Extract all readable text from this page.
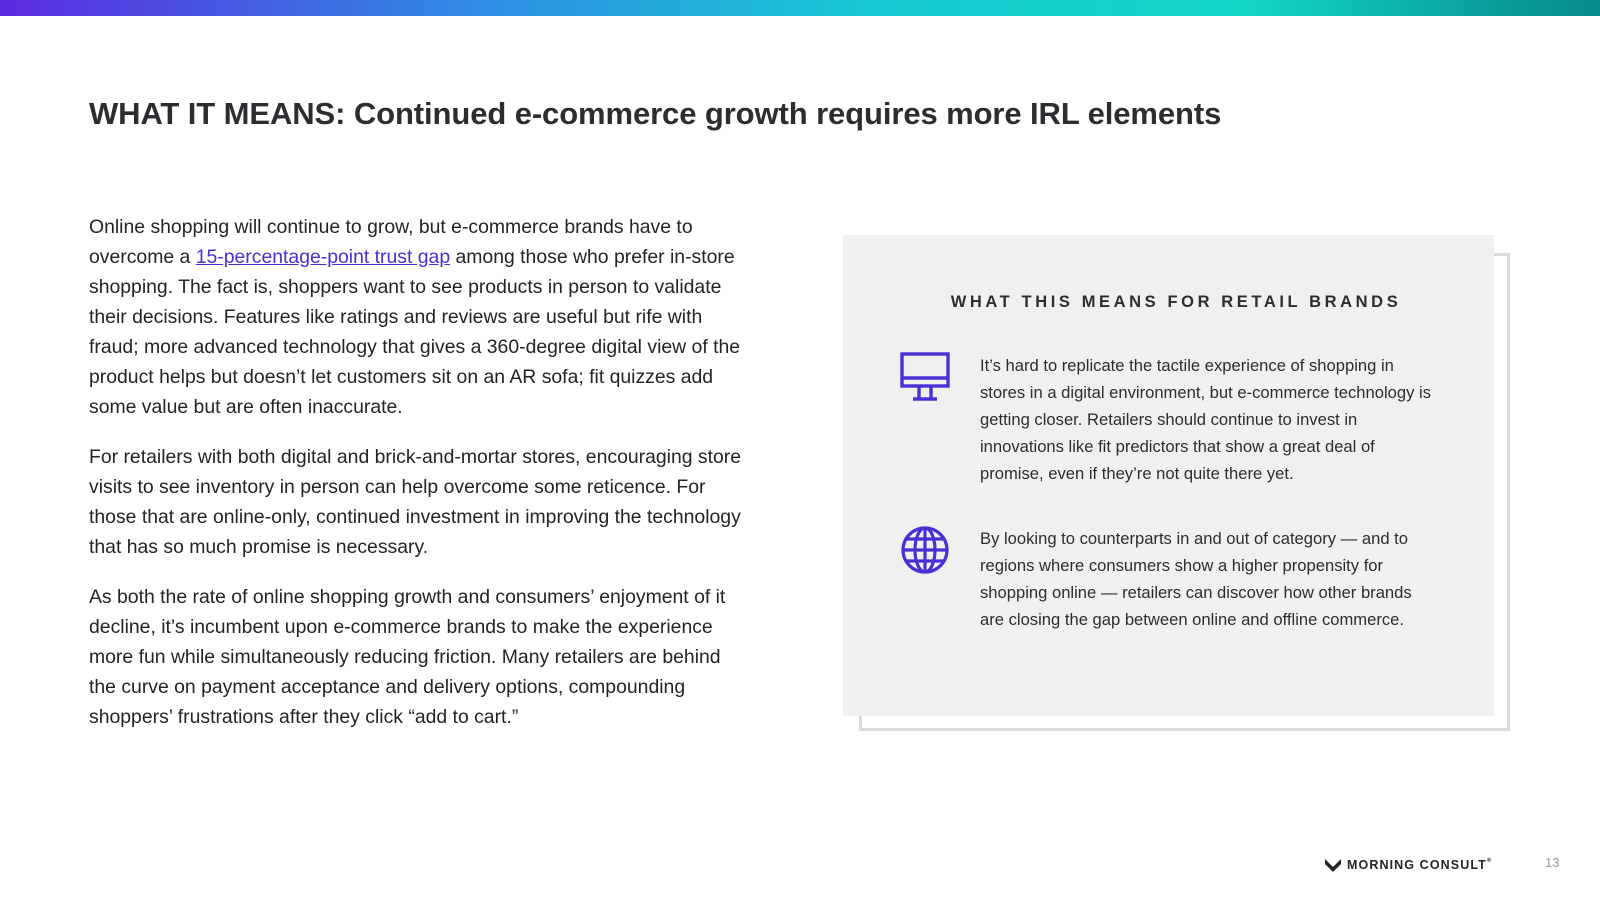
WHAT IT MEANS: Continued e-commerce growth requires more IRL elements

Online shopping will continue to grow, but e-commerce brands have to overcome a 15-percentage-point trust gap among those who prefer in-store shopping. The fact is, shoppers want to see products in person to validate their decisions. Features like ratings and reviews are useful but rife with fraud; more advanced technology that gives a 360-degree digital view of the product helps but doesn’t let customers sit on an AR sofa; fit quizzes add some value but are often inaccurate.

For retailers with both digital and brick-and-mortar stores, encouraging store visits to see inventory in person can help overcome some reticence. For those that are online-only, continued investment in improving the technology that has so much promise is necessary.

As both the rate of online shopping growth and consumers’ enjoyment of it decline, it’s incumbent upon e-commerce brands to make the experience more fun while simultaneously reducing friction. Many retailers are behind the curve on payment acceptance and delivery options, compounding shoppers’ frustrations after they click “add to cart.”

WHAT THIS MEANS FOR RETAIL BRANDS
It’s hard to replicate the tactile experience of shopping in stores in a digital environment, but e-commerce technology is getting closer. Retailers should continue to invest in innovations like fit predictors that show a great deal of promise, even if they’re not quite there yet.
By looking to counterparts in and out of category — and to regions where consumers show a higher propensity for shopping online — retailers can discover how other brands are closing the gap between online and offline commerce.
MORNING CONSULT®	13
